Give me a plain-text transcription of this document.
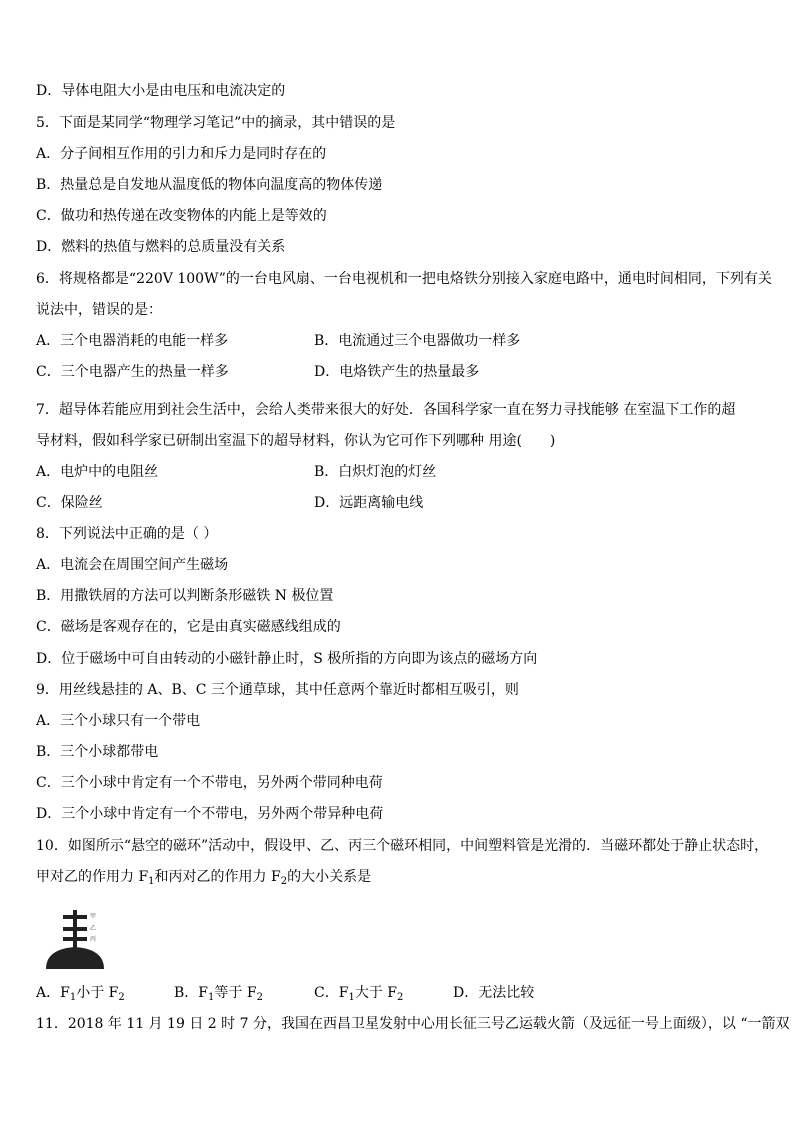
D．导体电阻大小是由电压和电流决定的
5．下面是某同学“物理学习笔记”中的摘录，其中错误的是
A．分子间相互作用的引力和斥力是同时存在的
B．热量总是自发地从温度低的物体向温度高的物体传递
C．做功和热传递在改变物体的内能上是等效的
D．燃料的热值与燃料的总质量没有关系
6．将规格都是“220V 100W”的一台电风扇、一台电视机和一把电烙铁分别接入家庭电路中，通电时间相同，下列有关
说法中，错误的是：
A．三个电器消耗的电能一样多	B．电流通过三个电器做功一样多
C．三个电器产生的热量一样多	D．电烙铁产生的热量最多
7．超导体若能应用到社会生活中，会给人类带来很大的好处．各国科学家一直在努力寻找能够 在室温下工作的超
导材料，假如科学家已研制出室温下的超导材料，你认为它可作下列哪种 用途(　　)
A．电炉中的电阻丝	B．白炽灯泡的灯丝
C．保险丝	D．远距离输电线
8．下列说法中正确的是（ ）
A．电流会在周围空间产生磁场
B．用撒铁屑的方法可以判断条形磁铁 N 极位置
C．磁场是客观存在的，它是由真实磁感线组成的
D．位于磁场中可自由转动的小磁针静止时，S 极所指的方向即为该点的磁场方向
9．用丝线悬挂的 A、B、C 三个通草球，其中任意两个靠近时都相互吸引，则
A．三个小球只有一个带电
B．三个小球都带电
C．三个小球中肯定有一个不带电，另外两个带同种电荷
D．三个小球中肯定有一个不带电，另外两个带异种电荷
10．如图所示“悬空的磁环”活动中，假设甲、乙、丙三个磁环相同，中间塑料管是光滑的．当磁环都处于静止状态时，
甲对乙的作用力 $F_1$和丙对乙的作用力 $F_2$的大小关系是
甲
乙
丙
A．$F_1$小于 $F_2$	B．$F_1$等于 $F_2$	C．$F_1$大于 $F_2$	D．无法比较
11．2018 年 11 月 19 日 2 时 7 分，我国在西昌卫星发射中心用长征三号乙运载火箭（及远征一号上面级），以 “一箭双
